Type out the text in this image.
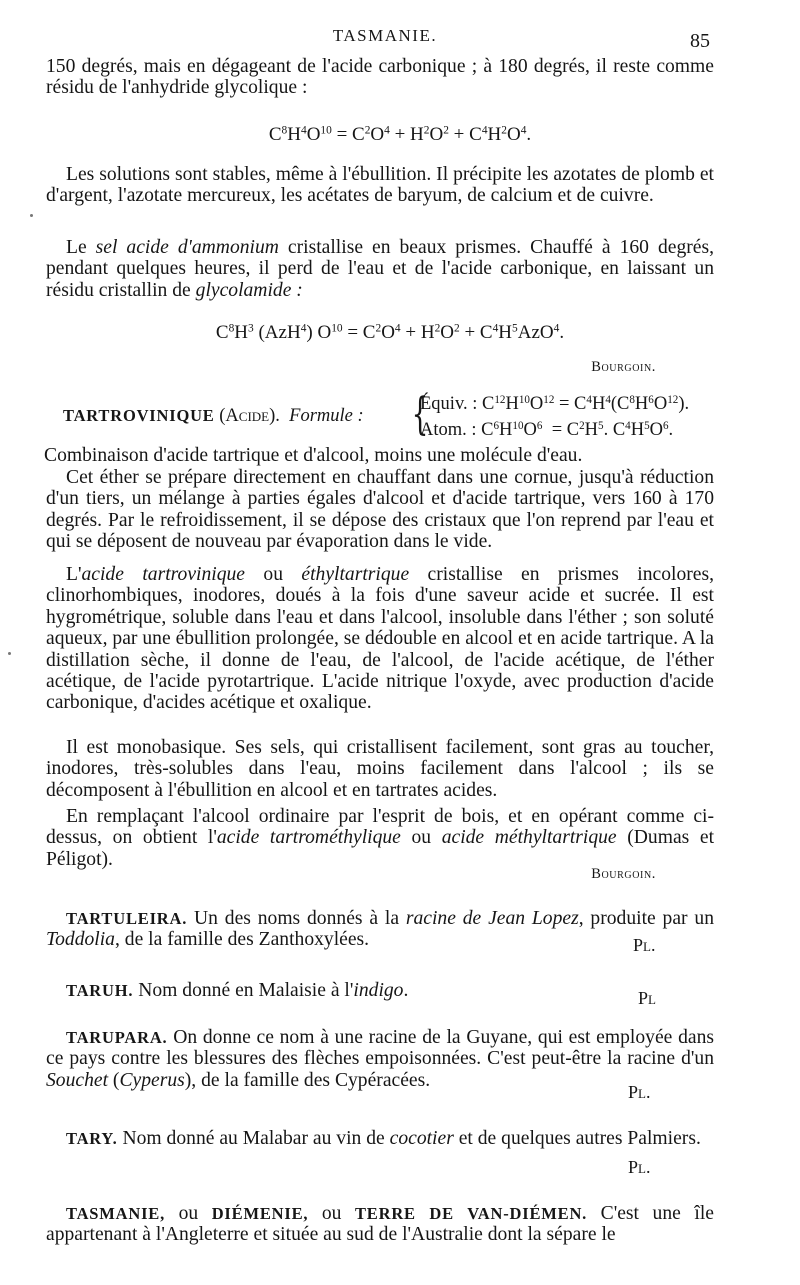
TASMANIE.	85

150 degrés, mais en dégageant de l'acide carbonique ; à 180 degrés, il reste comme résidu de l'anhydride glycolique :

$C^8H^4O^{10} = C^2O^4 + H^2O^2 + C^4H^2O^4$.

Les solutions sont stables, même à l'ébullition. Il précipite les azotates de plomb et d'argent, l'azotate mercureux, les acétates de baryum, de calcium et de cuivre.

Le sel acide d'ammonium cristallise en beaux prismes. Chauffé à 160 degrés, pendant quelques heures, il perd de l'eau et de l'acide carbonique, en laissant un résidu cristallin de glycolamide :

$C^8H^3$ (AzH$^4$) $O^{10} = C^2O^4 + H^2O^2 + C^4H^5AzO^4$.
Bourgoin.
TARTROVINIQUE (Acide). Formule : {
Équiv. : $C^{12}H^{10}O^{12} = C^4H^4(C^8H^6O^{12})$.
Atom. : $C^6H^{10}O^6 = C^2H^5$. $C^4H^5O^6$.

Combinaison d'acide tartrique et d'alcool, moins une molécule d'eau.

Cet éther se prépare directement en chauffant dans une cornue, jusqu'à réduction d'un tiers, un mélange à parties égales d'alcool et d'acide tartrique, vers 160 à 170 degrés. Par le refroidissement, il se dépose des cristaux que l'on reprend par l'eau et qui se déposent de nouveau par évaporation dans le vide.

L'acide tartrovinique ou éthyltartrique cristallise en prismes incolores, clinorhombiques, inodores, doués à la fois d'une saveur acide et sucrée. Il est hygrométrique, soluble dans l'eau et dans l'alcool, insoluble dans l'éther ; son soluté aqueux, par une ébullition prolongée, se dédouble en alcool et en acide tartrique. A la distillation sèche, il donne de l'eau, de l'alcool, de l'acide acétique, de l'éther acétique, de l'acide pyrotartrique. L'acide nitrique l'oxyde, avec production d'acide carbonique, d'acides acétique et oxalique.

Il est monobasique. Ses sels, qui cristallisent facilement, sont gras au toucher, inodores, très-solubles dans l'eau, moins facilement dans l'alcool ; ils se décomposent à l'ébullition en alcool et en tartrates acides.

En remplaçant l'alcool ordinaire par l'esprit de bois, et en opérant comme ci-dessus, on obtient l'acide tartrométhylique ou acide méthyltartrique (Dumas et Péligot).

Bourgoin.

TARTULEIRA. Un des noms donnés à la racine de Jean Lopez, produite par un Toddolia, de la famille des Zanthoxylées.	Pl.

TARUH. Nom donné en Malaisie à l'indigo.	Pl

TARUPARA. On donne ce nom à une racine de la Guyane, qui est employée dans ce pays contre les blessures des flèches empoisonnées. C'est peut-être la racine d'un Souchet (Cyperus), de la famille des Cypéracées.

Pl.

TARY. Nom donné au Malabar au vin de cocotier et de quelques autres Palmiers.

Pl.

TASMANIE, ou DIÉMENIE, ou TERRE DE VAN-DIÉMEN. C'est une île appartenant à l'Angleterre et située au sud de l'Australie dont la sépare le
